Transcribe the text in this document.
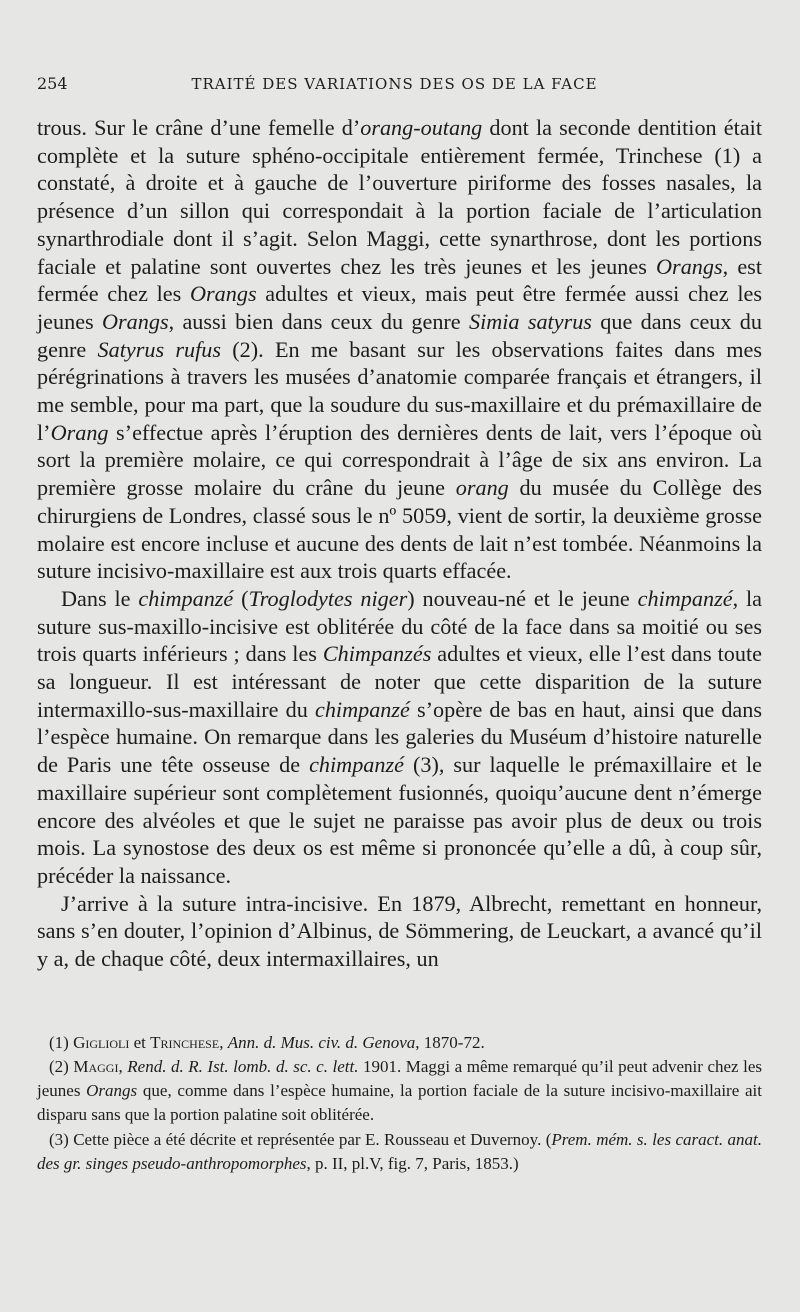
254	TRAITÉ DES VARIATIONS DES OS DE LA FACE

trous. Sur le crâne d’une femelle d’orang-outang dont la seconde dentition était complète et la suture sphéno-occipitale entièrement fermée, Trinchese (1) a constaté, à droite et à gauche de l’ouverture piriforme des fosses nasales, la présence d’un sillon qui correspondait à la portion faciale de l’articulation synarthrodiale dont il s’agit. Selon Maggi, cette synarthrose, dont les portions faciale et palatine sont ouvertes chez les très jeunes et les jeunes Orangs, est fermée chez les Orangs adultes et vieux, mais peut être fermée aussi chez les jeunes Orangs, aussi bien dans ceux du genre Simia satyrus que dans ceux du genre Satyrus rufus (2). En me basant sur les observations faites dans mes pérégrinations à travers les musées d’anatomie comparée français et étrangers, il me semble, pour ma part, que la soudure du sus-maxillaire et du prémaxillaire de l’Orang s’effectue après l’éruption des dernières dents de lait, vers l’époque où sort la première molaire, ce qui correspondrait à l’âge de six ans environ. La première grosse molaire du crâne du jeune orang du musée du Collège des chirurgiens de Londres, classé sous le nº 5059, vient de sortir, la deuxième grosse molaire est encore incluse et aucune des dents de lait n’est tombée. Néanmoins la suture incisivo-maxillaire est aux trois quarts effacée.

Dans le chimpanzé (Troglodytes niger) nouveau-né et le jeune chimpanzé, la suture sus-maxillo-incisive est oblitérée du côté de la face dans sa moitié ou ses trois quarts inférieurs ; dans les Chimpanzés adultes et vieux, elle l’est dans toute sa longueur. Il est intéressant de noter que cette disparition de la suture intermaxillo-sus-maxillaire du chimpanzé s’opère de bas en haut, ainsi que dans l’espèce humaine. On remarque dans les galeries du Muséum d’histoire naturelle de Paris une tête osseuse de chimpanzé (3), sur laquelle le prémaxillaire et le maxillaire supérieur sont complètement fusionnés, quoiqu’aucune dent n’émerge encore des alvéoles et que le sujet ne paraisse pas avoir plus de deux ou trois mois. La synostose des deux os est même si prononcée qu’elle a dû, à coup sûr, précéder la naissance.

J’arrive à la suture intra-incisive. En 1879, Albrecht, remettant en honneur, sans s’en douter, l’opinion d’Albinus, de Sömmering, de Leuckart, a avancé qu’il y a, de chaque côté, deux intermaxillaires, un

(1) Giglioli et Trinchese, Ann. d. Mus. civ. d. Genova, 1870-72.

(2) Maggi, Rend. d. R. Ist. lomb. d. sc. c. lett. 1901. Maggi a même remarqué qu’il peut advenir chez les jeunes Orangs que, comme dans l’espèce humaine, la portion faciale de la suture incisivo-maxillaire ait disparu sans que la portion palatine soit oblitérée.

(3) Cette pièce a été décrite et représentée par E. Rousseau et Duvernoy. (Prem. mém. s. les caract. anat. des gr. singes pseudo-anthropomorphes, p. II, pl.V, fig. 7, Paris, 1853.)
